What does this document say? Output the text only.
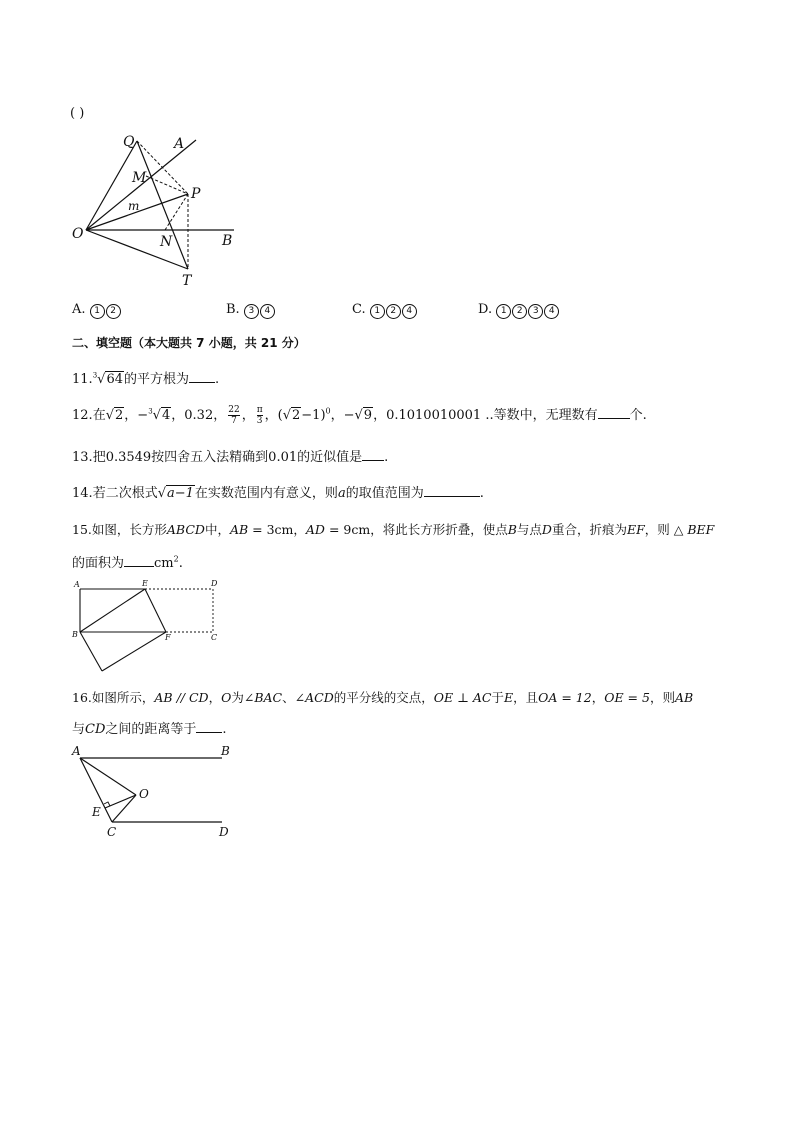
( )
Q	A
M
P
m
O	N	B
T
A. 1 2	B. 3 4	C. 1 2 4	D. 1 2 3 4
二、填空题（本大题共 7 小题，共 21 分）
11.$^3$√64的平方根为 .
12.在√2，−$^3$√4，0.32， $\frac{22}{7}$ ， $\frac{\pi}{3}$ ，$(√2-1)^0$，−√9，0.1010010001 ..等数中，无理数有 个.
13.把0.3549按四舍五入法精确到0.01的近似值是 .
14.若二次根式√a−1在实数范围内有意义，则a的取值范围为	.
15.如图，长方形ABCD中，AB = 3cm，AD = 9cm，将此长方形折叠，使点B与点D重合，折痕为EF，则 △ BEF
的面积为 $cm^2$.
A	E	D
B	F	C
16.如图所示，AB // CD，O为∠BAC、∠ACD的平分线的交点，OE ⊥ AC于E，且OA = 12，OE = 5，则AB
与CD之间的距离等于 .
A	B
O
E
C	D
